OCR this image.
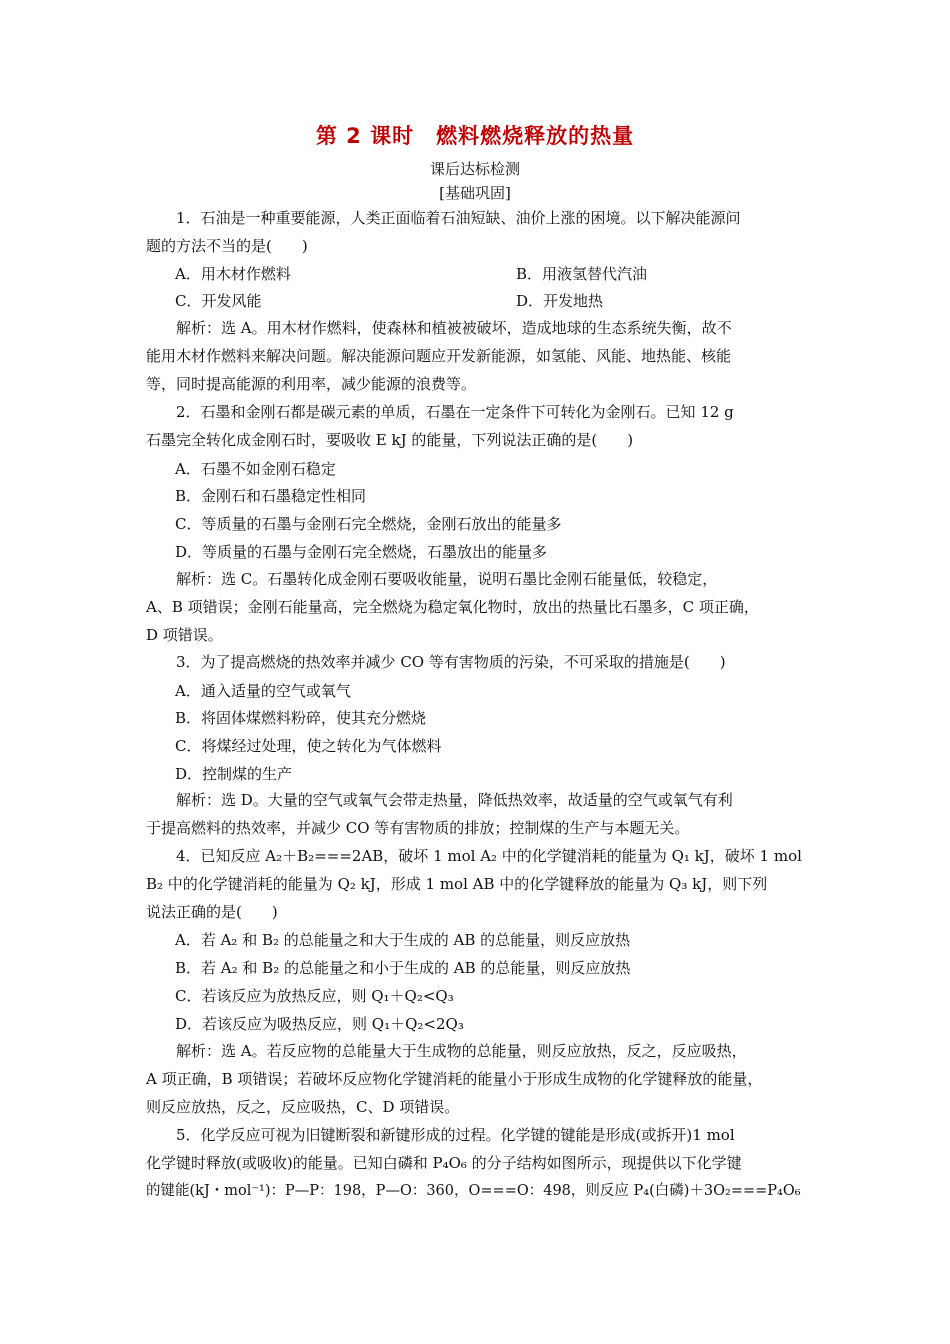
第 2 课时　燃料燃烧释放的热量
课后达标检测
[基础巩固]
1．石油是一种重要能源，人类正面临着石油短缺、油价上涨的困境。以下解决能源问
题的方法不当的是(　　)
A．用木材作燃料	B．用液氢替代汽油
C．开发风能	D．开发地热
解析：选 A。用木材作燃料，使森林和植被被破坏，造成地球的生态系统失衡，故不
能用木材作燃料来解决问题。解决能源问题应开发新能源，如氢能、风能、地热能、核能
等，同时提高能源的利用率，减少能源的浪费等。
2．石墨和金刚石都是碳元素的单质，石墨在一定条件下可转化为金刚石。已知 12 g
石墨完全转化成金刚石时，要吸收 E kJ 的能量，下列说法正确的是(　　)
A．石墨不如金刚石稳定
B．金刚石和石墨稳定性相同
C．等质量的石墨与金刚石完全燃烧，金刚石放出的能量多
D．等质量的石墨与金刚石完全燃烧，石墨放出的能量多
解析：选 C。石墨转化成金刚石要吸收能量，说明石墨比金刚石能量低，较稳定，
A、B 项错误；金刚石能量高，完全燃烧为稳定氧化物时，放出的热量比石墨多，C 项正确，
D 项错误。
3．为了提高燃烧的热效率并减少 CO 等有害物质的污染，不可采取的措施是(　　)
A．通入适量的空气或氧气
B．将固体煤燃料粉碎，使其充分燃烧
C．将煤经过处理，使之转化为气体燃料
D．控制煤的生产
解析：选 D。大量的空气或氧气会带走热量，降低热效率，故适量的空气或氧气有利
于提高燃料的热效率，并减少 CO 等有害物质的排放；控制煤的生产与本题无关。
4．已知反应 A₂＋B₂===2AB，破坏 1 mol A₂ 中的化学键消耗的能量为 Q₁ kJ，破坏 1 mol
B₂ 中的化学键消耗的能量为 Q₂ kJ，形成 1 mol AB 中的化学键释放的能量为 Q₃ kJ，则下列
说法正确的是(　　)
A．若 A₂ 和 B₂ 的总能量之和大于生成的 AB 的总能量，则反应放热
B．若 A₂ 和 B₂ 的总能量之和小于生成的 AB 的总能量，则反应放热
C．若该反应为放热反应，则 Q₁＋Q₂<Q₃
D．若该反应为吸热反应，则 Q₁＋Q₂<2Q₃
解析：选 A。若反应物的总能量大于生成物的总能量，则反应放热，反之，反应吸热，
A 项正确，B 项错误；若破坏反应物化学键消耗的能量小于形成生成物的化学键释放的能量，
则反应放热，反之，反应吸热，C、D 项错误。
5．化学反应可视为旧键断裂和新键形成的过程。化学键的键能是形成(或拆开)1 mol
化学键时释放(或吸收)的能量。已知白磷和 P₄O₆ 的分子结构如图所示，现提供以下化学键
的键能(kJ・mol⁻¹)：P—P：198，P—O：360，O===O：498，则反应 P₄(白磷)＋3O₂===P₄O₆
